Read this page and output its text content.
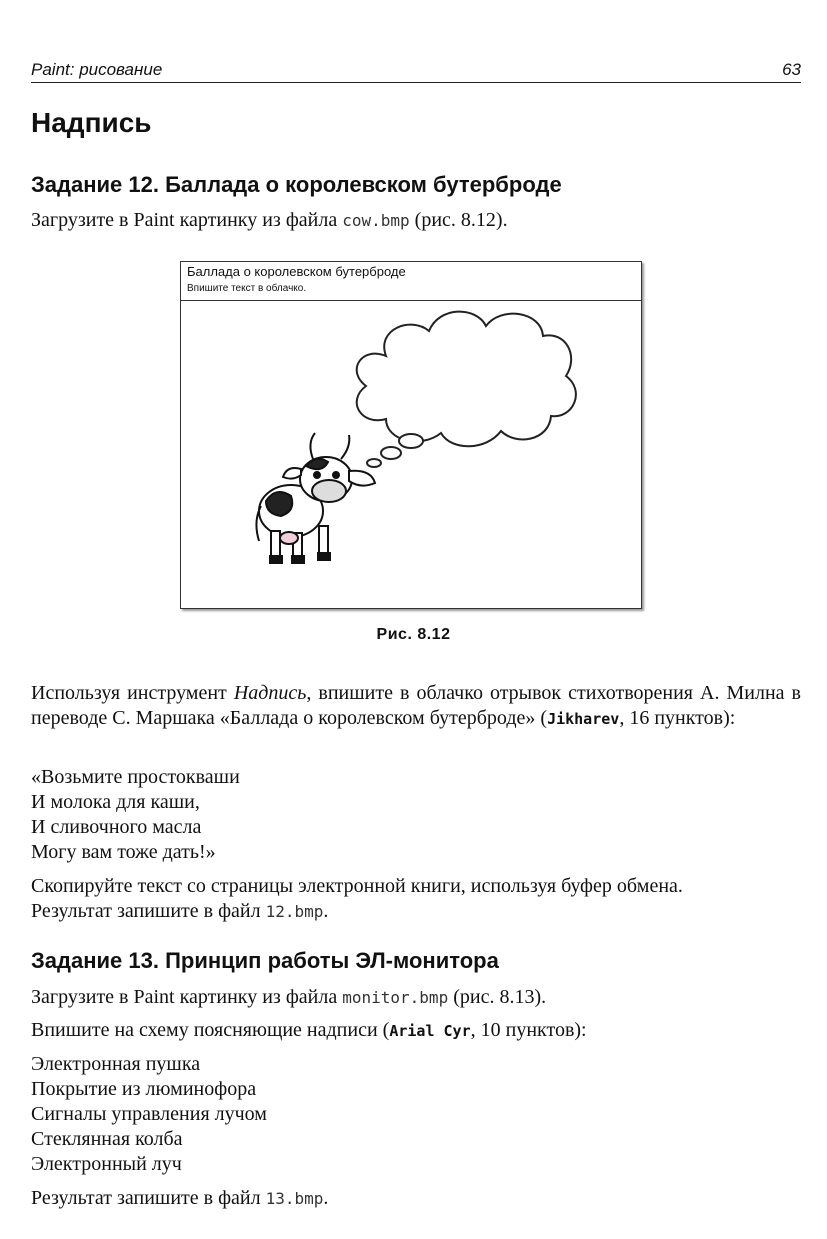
Paint: рисование	63
Надпись
Задание 12. Баллада о королевском бутерброде
Загрузите в Paint картинку из файла cow.bmp (рис. 8.12).
Баллада о королевском бутерброде
Впишите текст в облачко.
Рис. 8.12
Используя инструмент Надпись, впишите в облачко отрывок стихотворения А. Милна в переводе С. Маршака «Баллада о королевском бутерброде» (Jikharev, 16 пунктов):
«Возьмите простокваши
И молока для каши,
И сливочного масла
Могу вам тоже дать!»
Скопируйте текст со страницы электронной книги, используя буфер обмена.
Результат запишите в файл 12.bmp.
Задание 13. Принцип работы ЭЛ-монитора
Загрузите в Paint картинку из файла monitor.bmp (рис. 8.13).
Впишите на схему поясняющие надписи (Arial Cyr, 10 пунктов):
Электронная пушка
Покрытие из люминофора
Сигналы управления лучом
Стеклянная колба
Электронный луч
Результат запишите в файл 13.bmp.
